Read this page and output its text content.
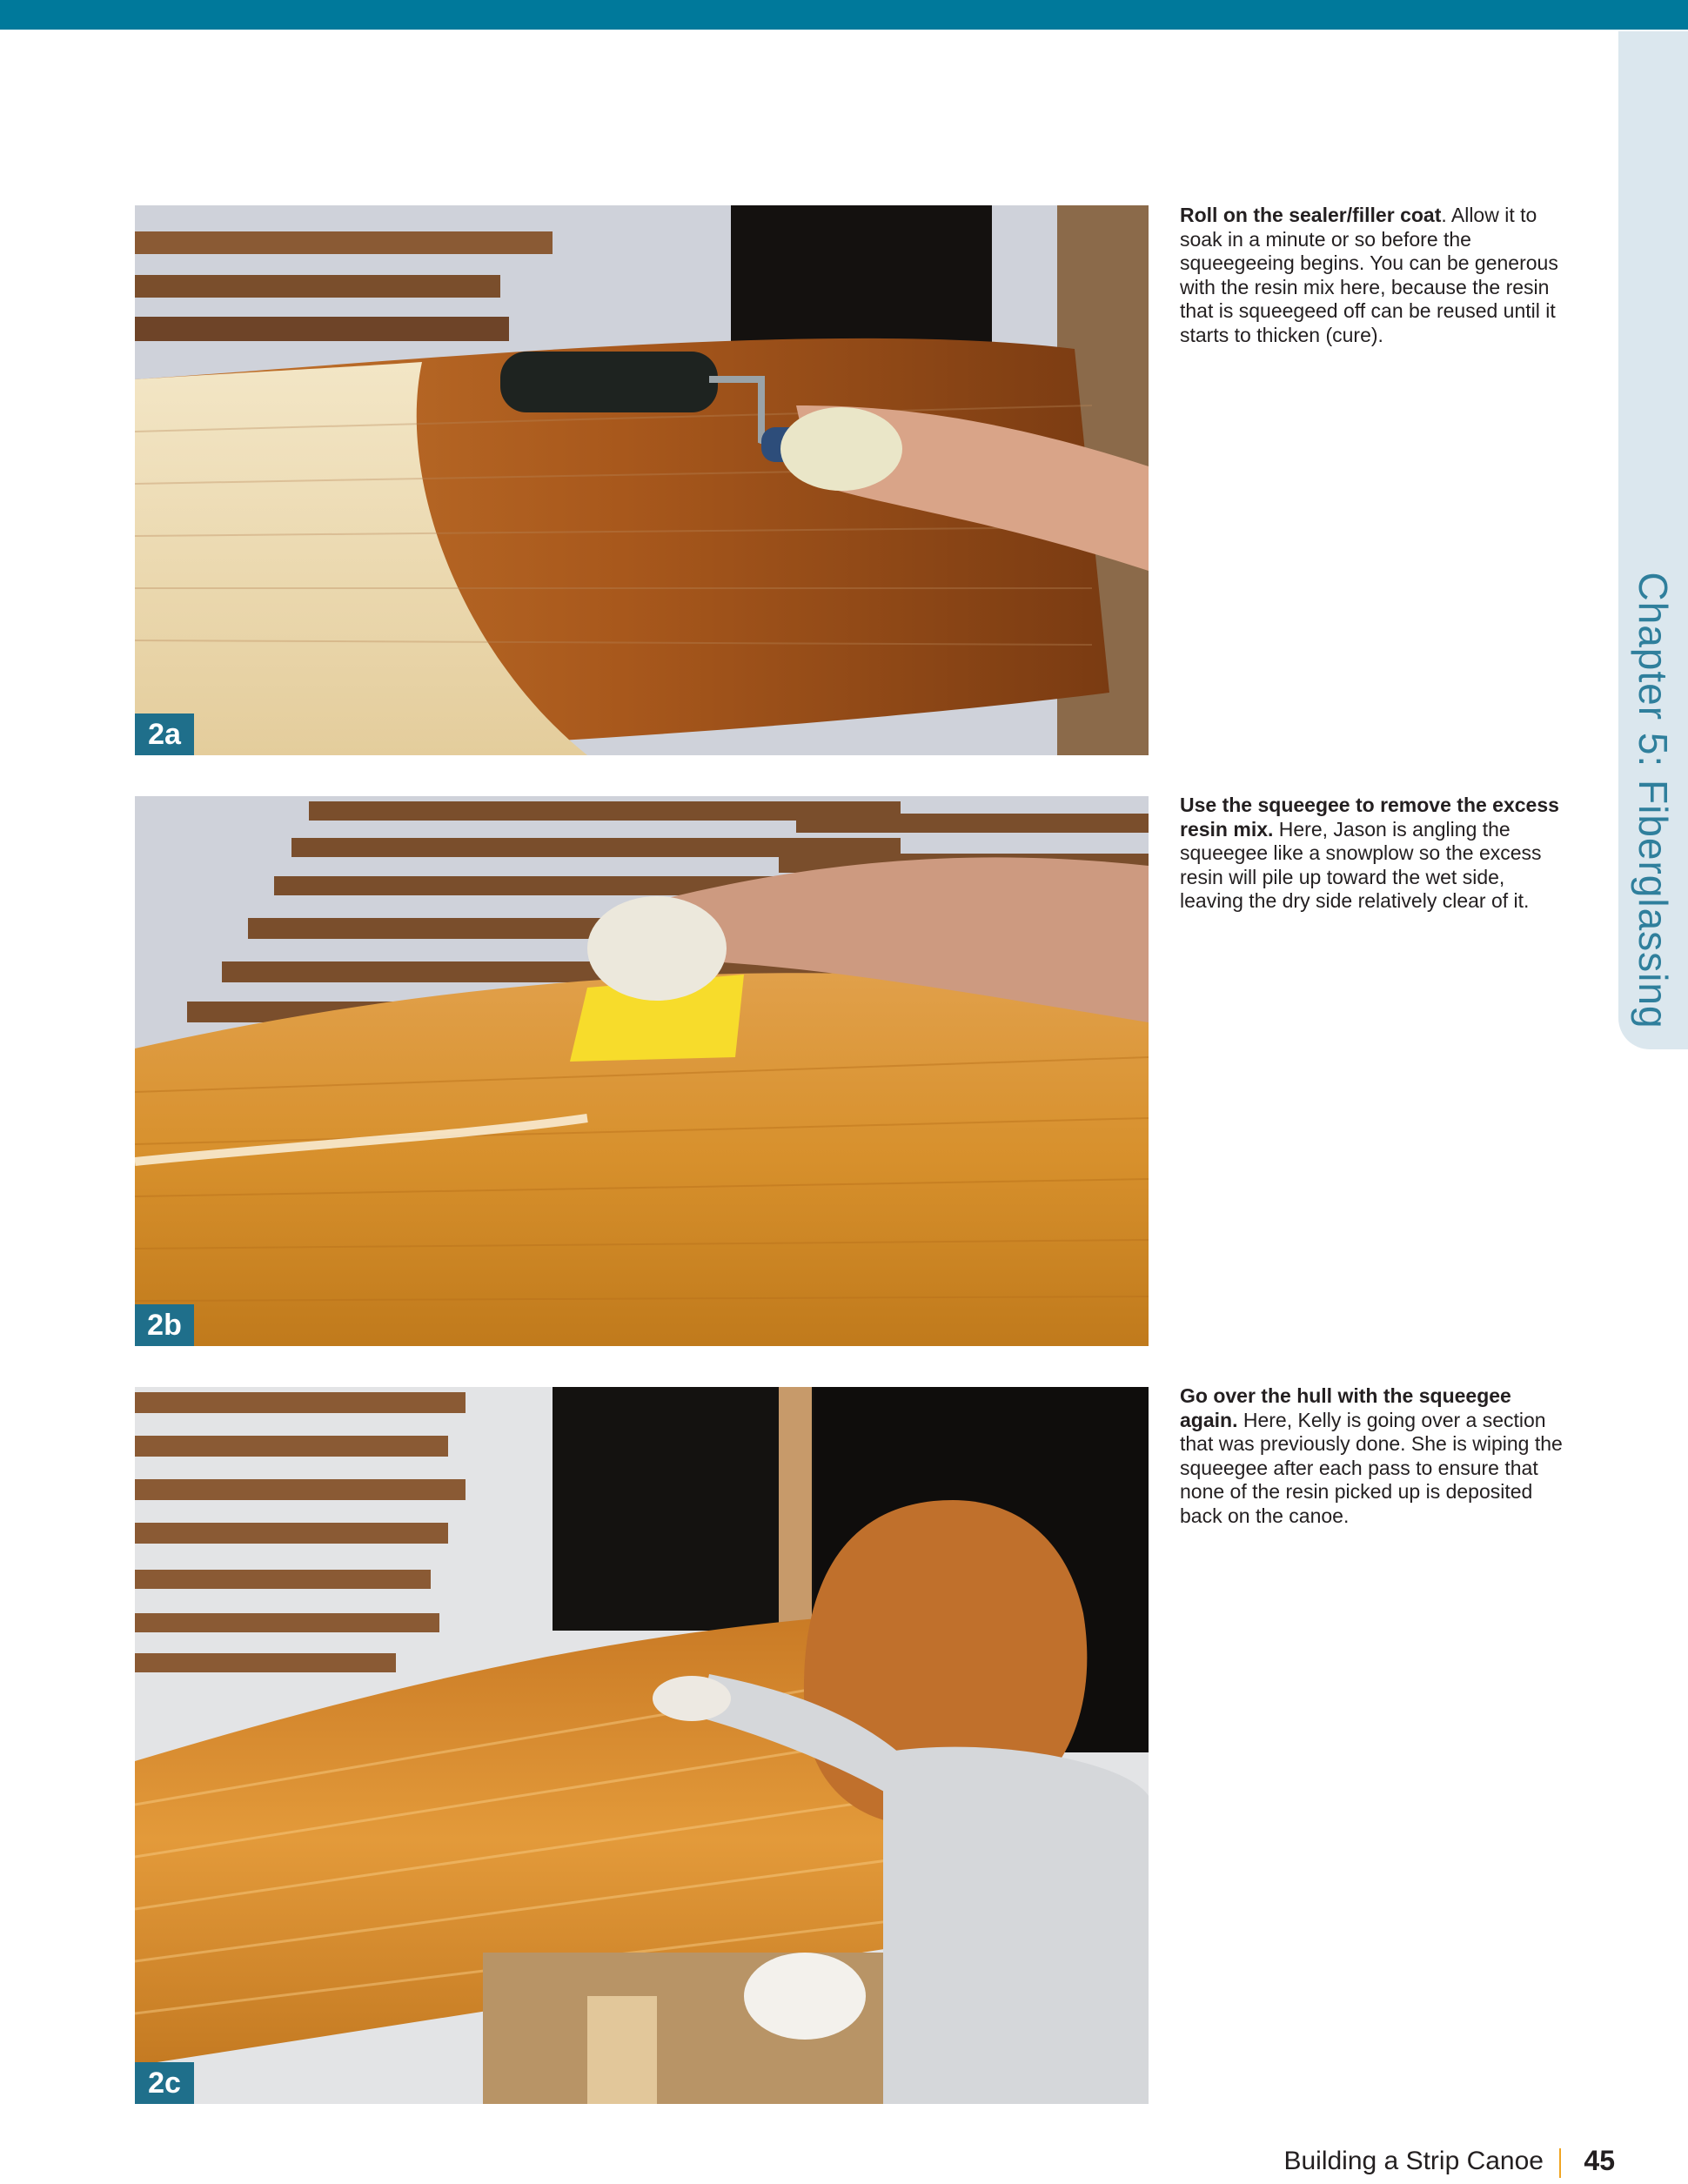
Chapter 5: Fiberglassing
2a
2b
2c
Roll on the sealer/filler coat. Allow it to soak in a minute or so before the squeegeeing begins. You can be generous with the resin mix here, because the resin that is squeegeed off can be reused until it starts to thicken (cure).
Use the squeegee to remove the excess resin mix. Here, Jason is angling the squeegee like a snowplow so the excess resin will pile up toward the wet side, leaving the dry side relatively clear of it.
Go over the hull with the squeegee again. Here, Kelly is going over a section that was previously done. She is wiping the squeegee after each pass to ensure that none of the resin picked up is deposited back on the canoe.
Building a Strip Canoe 45
